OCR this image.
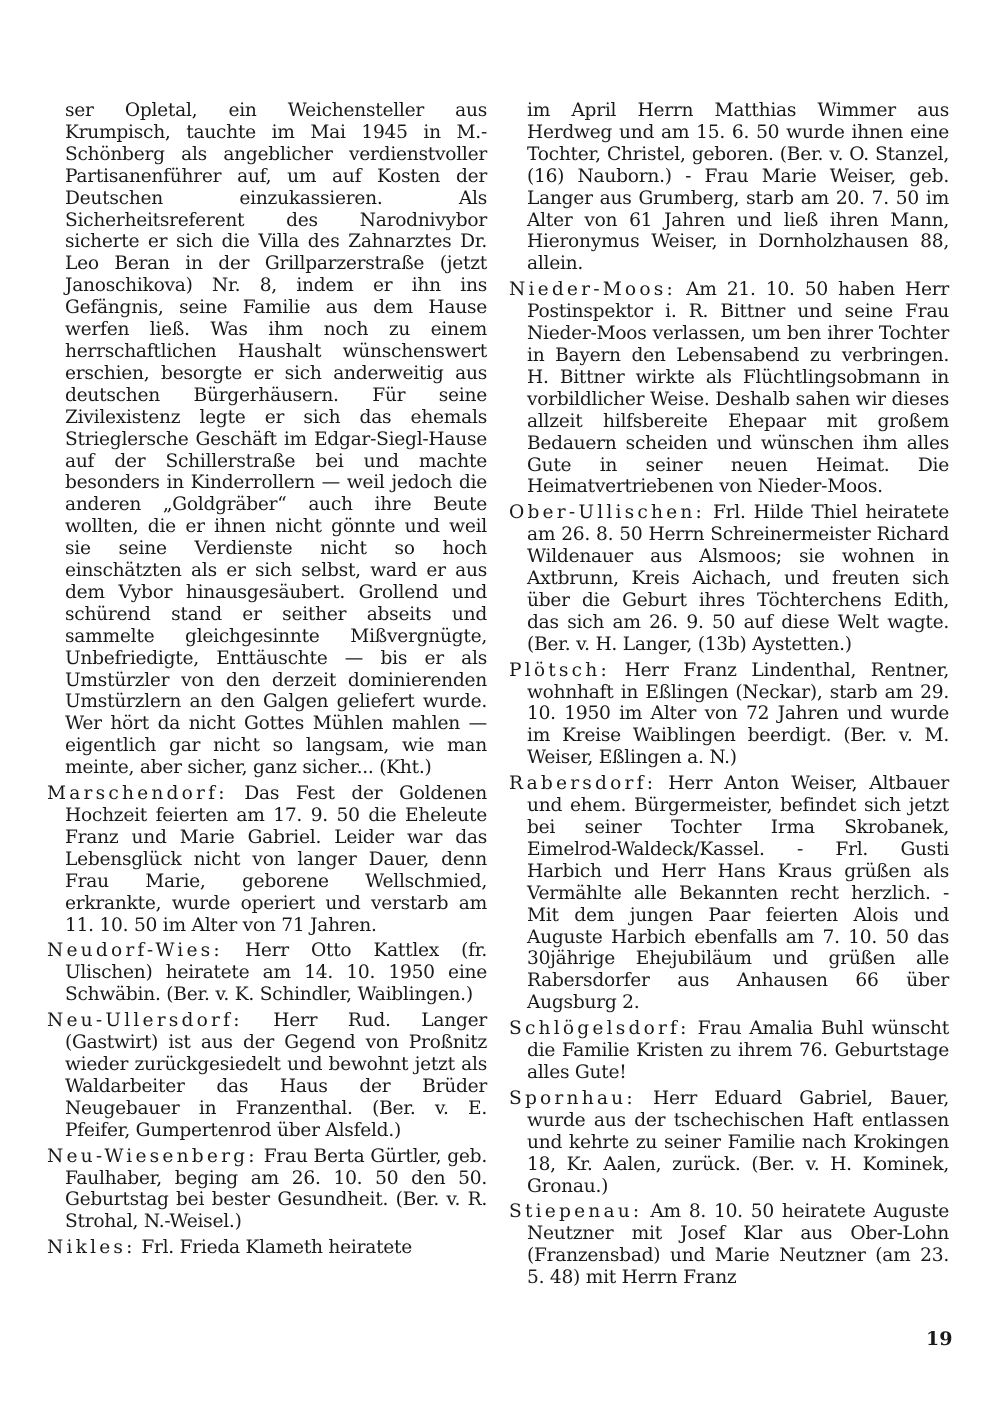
ser Opletal, ein Weichensteller aus Krumpisch, tauchte im Mai 1945 in M.-Schönberg als angeblicher verdienstvoller Partisanenführer auf, um auf Kosten der Deutschen einzukassieren. Als Sicherheitsreferent des Narodnivybor sicherte er sich die Villa des Zahnarztes Dr. Leo Beran in der Grillparzerstraße (jetzt Janoschikova) Nr. 8, indem er ihn ins Gefängnis, seine Familie aus dem Hause werfen ließ. Was ihm noch zu einem herrschaftlichen Haushalt wünschenswert erschien, besorgte er sich anderweitig aus deutschen Bürgerhäusern. Für seine Zivilexistenz legte er sich das ehemals Strieglersche Geschäft im Edgar-Siegl-Hause auf der Schillerstraße bei und machte besonders in Kinderrollern — weil jedoch die anderen „Goldgräber“ auch ihre Beute wollten, die er ihnen nicht gönnte und weil sie seine Verdienste nicht so hoch einschätzten als er sich selbst, ward er aus dem Vybor hinausgesäubert. Grollend und schürend stand er seither abseits und sammelte gleichgesinnte Mißvergnügte, Unbefriedigte, Enttäuschte — bis er als Umstürzler von den derzeit dominierenden Umstürzlern an den Galgen geliefert wurde. Wer hört da nicht Gottes Mühlen mahlen — eigentlich gar nicht so langsam, wie man meinte, aber sicher, ganz sicher... (Kht.)

Marschendorf: Das Fest der Goldenen Hochzeit feierten am 17. 9. 50 die Eheleute Franz und Marie Gabriel. Leider war das Lebensglück nicht von langer Dauer, denn Frau Marie, geborene Wellschmied, erkrankte, wurde operiert und verstarb am 11. 10. 50 im Alter von 71 Jahren.

Neudorf-Wies: Herr Otto Kattlex (fr. Ulischen) heiratete am 14. 10. 1950 eine Schwäbin. (Ber. v. K. Schindler, Waiblingen.)

Neu-Ullersdorf: Herr Rud. Langer (Gastwirt) ist aus der Gegend von Proßnitz wieder zurückgesiedelt und bewohnt jetzt als Waldarbeiter das Haus der Brüder Neugebauer in Franzenthal. (Ber. v. E. Pfeifer, Gumpertenrod über Alsfeld.)

Neu-Wiesenberg: Frau Berta Gürtler, geb. Faulhaber, beging am 26. 10. 50 den 50. Geburtstag bei bester Gesundheit. (Ber. v. R. Strohal, N.-Weisel.)

Nikles: Frl. Frieda Klameth heiratete

im April Herrn Matthias Wimmer aus Herdweg und am 15. 6. 50 wurde ihnen eine Tochter, Christel, geboren. (Ber. v. O. Stanzel, (16) Nauborn.) - Frau Marie Weiser, geb. Langer aus Grumberg, starb am 20. 7. 50 im Alter von 61 Jahren und ließ ihren Mann, Hieronymus Weiser, in Dornholzhausen 88, allein.

Nieder-Moos: Am 21. 10. 50 haben Herr Postinspektor i. R. Bittner und seine Frau Nieder-Moos verlassen, um ben ihrer Tochter in Bayern den Lebensabend zu verbringen. H. Bittner wirkte als Flüchtlingsobmann in vorbildlicher Weise. Deshalb sahen wir dieses allzeit hilfsbereite Ehepaar mit großem Bedauern scheiden und wünschen ihm alles Gute in seiner neuen Heimat. Die Heimatvertriebenen von Nieder-Moos.

Ober-Ullischen: Frl. Hilde Thiel heiratete am 26. 8. 50 Herrn Schreinermeister Richard Wildenauer aus Alsmoos; sie wohnen in Axtbrunn, Kreis Aichach, und freuten sich über die Geburt ihres Töchterchens Edith, das sich am 26. 9. 50 auf diese Welt wagte. (Ber. v. H. Langer, (13b) Aystetten.)

Plötsch: Herr Franz Lindenthal, Rentner, wohnhaft in Eßlingen (Neckar), starb am 29. 10. 1950 im Alter von 72 Jahren und wurde im Kreise Waiblingen beerdigt. (Ber. v. M. Weiser, Eßlingen a. N.)

Rabersdorf: Herr Anton Weiser, Altbauer und ehem. Bürgermeister, befindet sich jetzt bei seiner Tochter Irma Skrobanek, Eimelrod-Waldeck/Kassel. - Frl. Gusti Harbich und Herr Hans Kraus grüßen als Vermählte alle Bekannten recht herzlich. - Mit dem jungen Paar feierten Alois und Auguste Harbich ebenfalls am 7. 10. 50 das 30jährige Ehejubiläum und grüßen alle Rabersdorfer aus Anhausen 66 über Augsburg 2.

Schlögelsdorf: Frau Amalia Buhl wünscht die Familie Kristen zu ihrem 76. Geburtstage alles Gute!

Spornhau: Herr Eduard Gabriel, Bauer, wurde aus der tschechischen Haft entlassen und kehrte zu seiner Familie nach Krokingen 18, Kr. Aalen, zurück. (Ber. v. H. Kominek, Gronau.)

Stiepenau: Am 8. 10. 50 heiratete Auguste Neutzner mit Josef Klar aus Ober-Lohn (Franzensbad) und Marie Neutzner (am 23. 5. 48) mit Herrn Franz

19
